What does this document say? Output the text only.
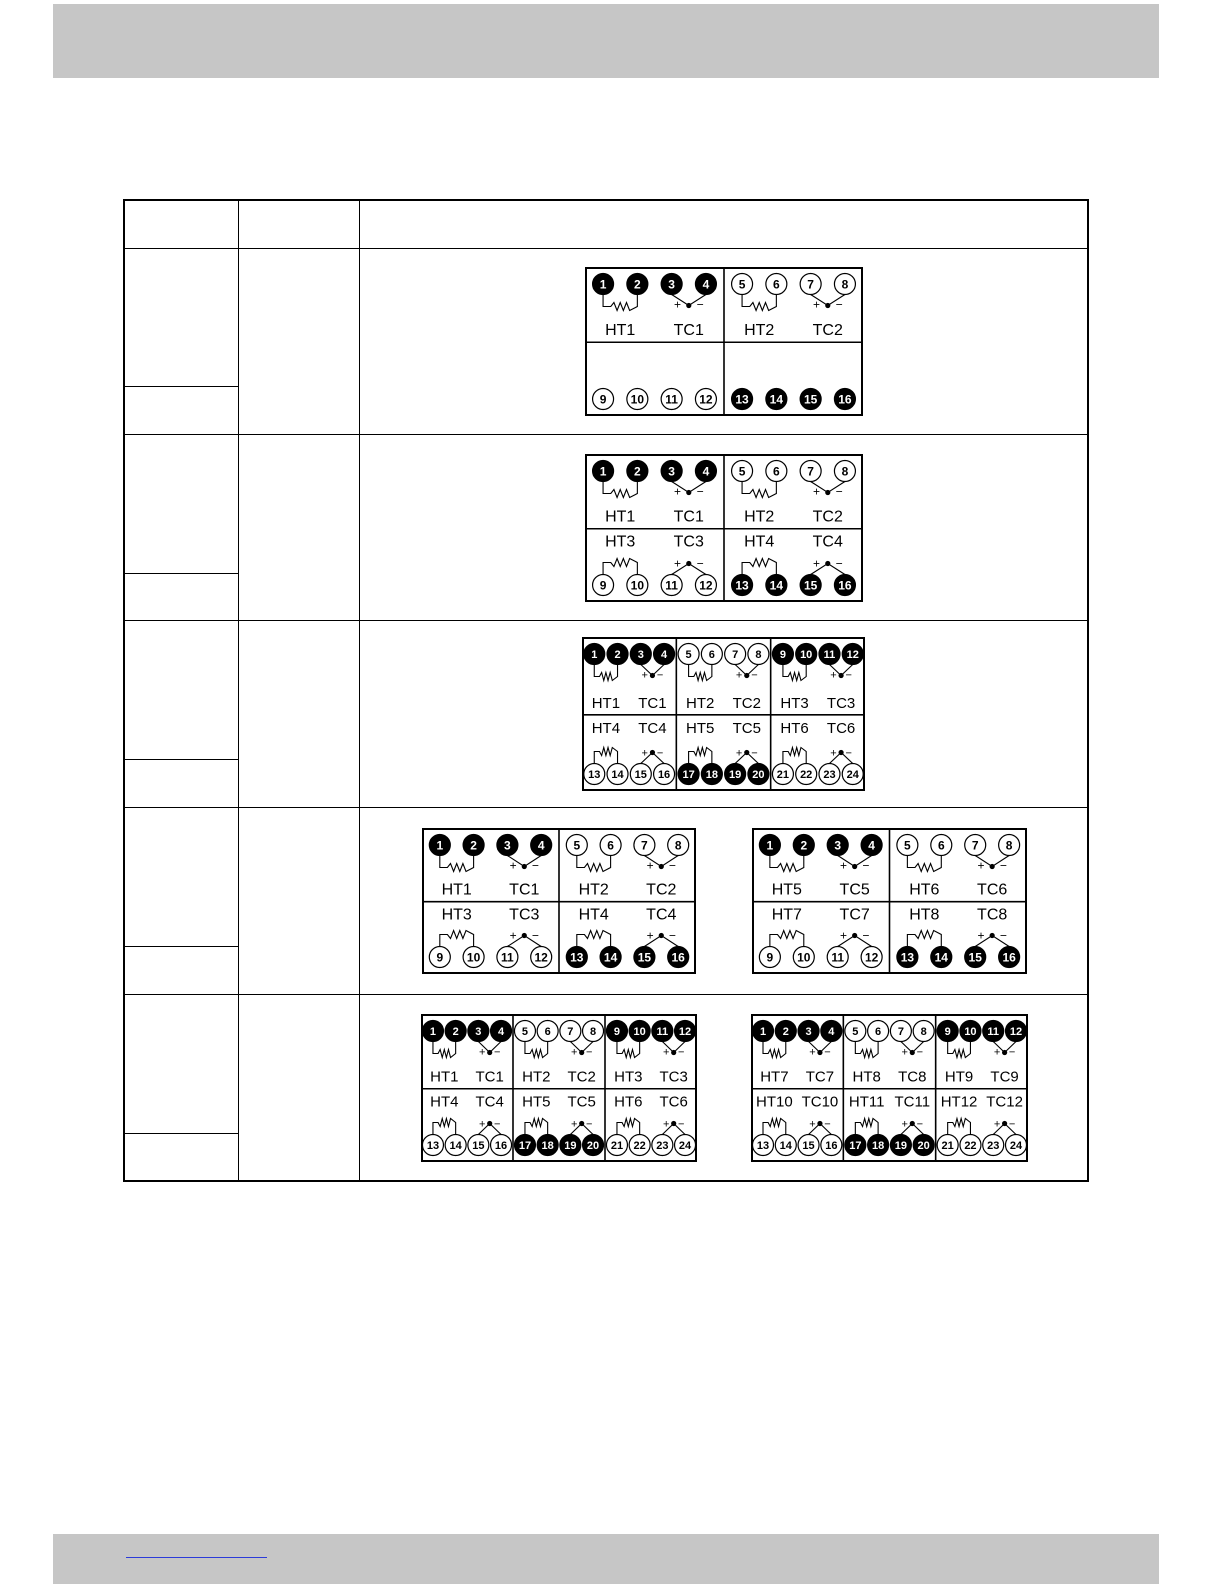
1 2 3 4
+ −
HT1 TC1
9 10 11 12
5 6 7 8
+ −
HT2 TC2
13 14 15 16
1 2 3 4
+ −
HT1 TC1
9 10 11 12
+ −
HT3 TC3
5 6 7 8
+ −
HT2 TC2
13 14 15 16
+ −
HT4 TC4
1 2 3 4
+ −
HT1 TC1
13 14 15 16
+ −
HT4 TC4
5 6 7 8
+ −
HT2 TC2
17 18 19 20
+ −
HT5 TC5
9 10 11 12
+ −
HT3 TC3
21 22 23 24
+ −
HT6 TC6
1 2 3 4
+ −
HT1 TC1
9 10 11 12
+ −
HT3 TC3
5 6 7 8
+ −
HT2 TC2
13 14 15 16
+ −
HT4 TC4
1 2 3 4
+ −
HT5 TC5
9 10 11 12
+ −
HT7 TC7
5 6 7 8
+ −
HT6 TC6
13 14 15 16
+ −
HT8 TC8
1 2 3 4
+ −
HT1 TC1
13 14 15 16
+ −
HT4 TC4
5 6 7 8
+ −
HT2 TC2
17 18 19 20
+ −
HT5 TC5
9 10 11 12
+ −
HT3 TC3
21 22 23 24
+ −
HT6 TC6
1 2 3 4
+ −
HT7 TC7
13 14 15 16
+ −
HT10 TC10
5 6 7 8
+ −
HT8 TC8
17 18 19 20
+ −
HT11 TC11
9 10 11 12
+ −
HT9 TC9
21 22 23 24
+ −
HT12 TC12
